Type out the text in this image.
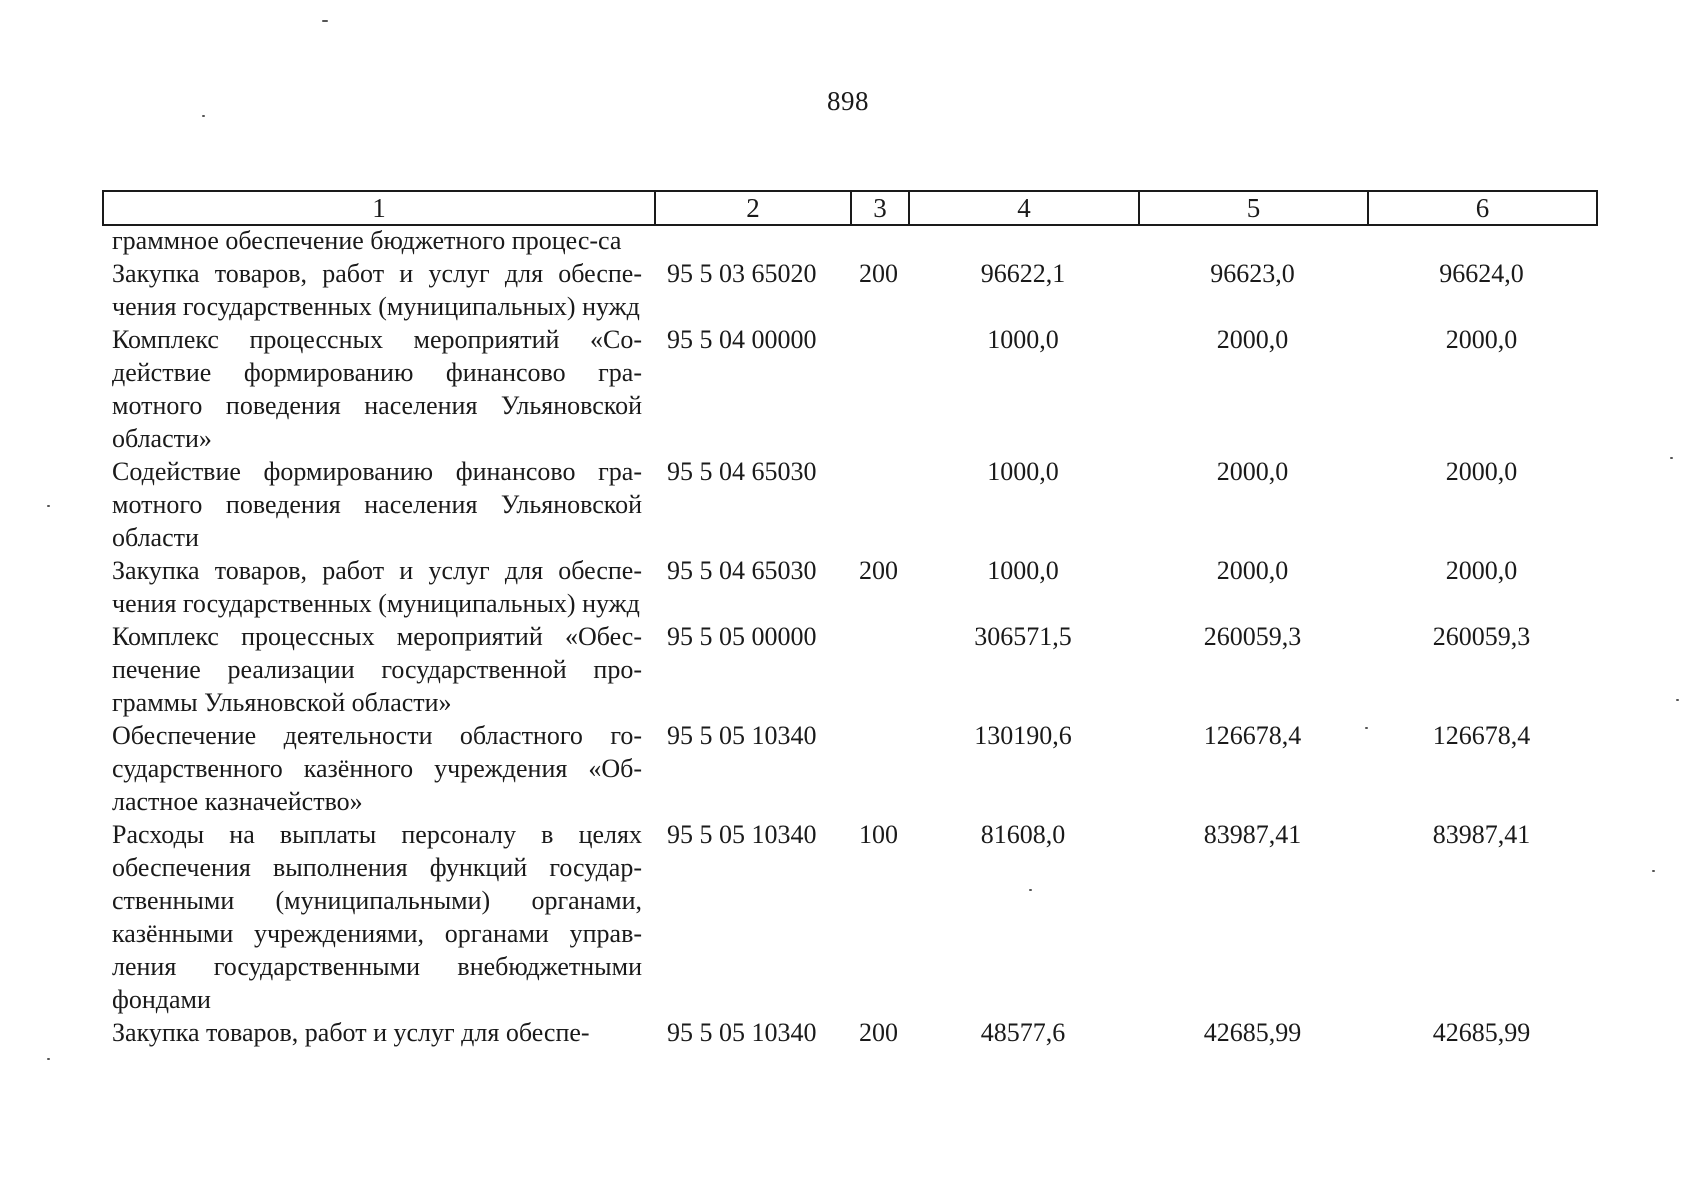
898
1	2	3	4	5	6
граммное обеспечение бюджетного процес-са					
Закупка товаров, работ и услуг для обеспе-чения государственных (муниципальных) нужд	95 5 03 65020	200	96622,1	96623,0	96624,0
Комплекс процессных мероприятий «Со-действие формированию финансово гра-мотного поведения населения Ульяновской области»	95 5 04 00000		1000,0	2000,0	2000,0
Содействие формированию финансово гра-мотного поведения населения Ульяновской области	95 5 04 65030		1000,0	2000,0	2000,0
Закупка товаров, работ и услуг для обеспе-чения государственных (муниципальных) нужд	95 5 04 65030	200	1000,0	2000,0	2000,0
Комплекс процессных мероприятий «Обес-печение реализации государственной про-граммы Ульяновской области»	95 5 05 00000		306571,5	260059,3	260059,3
Обеспечение деятельности областного го-сударственного казённого учреждения «Об-ластное казначейство»	95 5 05 10340		130190,6	126678,4	126678,4
Расходы на выплаты персоналу в целях обеспечения выполнения функций государ-ственными (муниципальными) органами, казёнными учреждениями, органами управ-ления государственными внебюджетными фондами	95 5 05 10340	100	81608,0	83987,41	83987,41
Закупка товаров, работ и услуг для обеспе-	95 5 05 10340	200	48577,6	42685,99	42685,99
